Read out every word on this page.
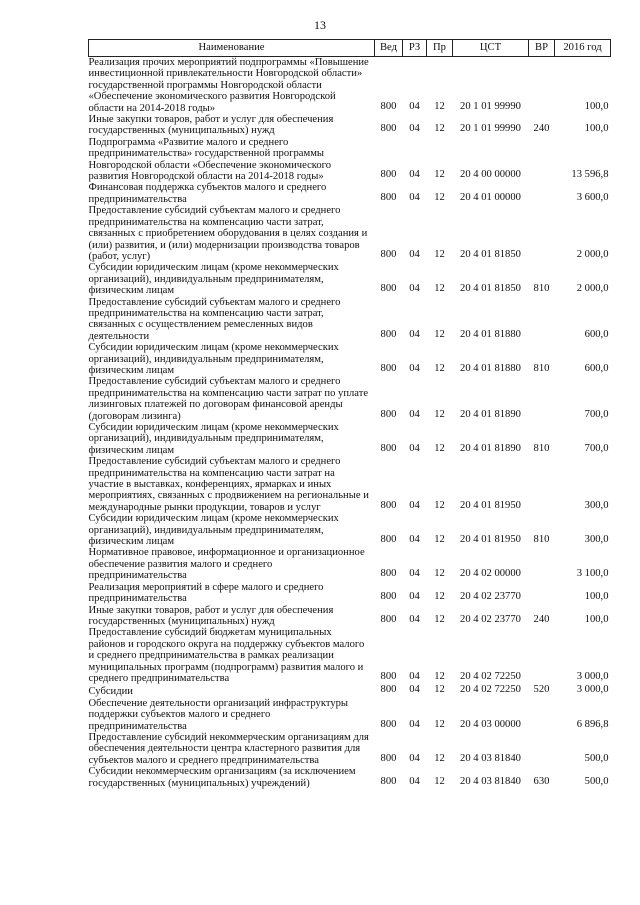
13
Наименование	Вед	РЗ	Пр	ЦСТ	ВР	2016 год
Реализация прочих мероприятий подпрограммы «Повышение инвестиционной привлекательности Новгородской области» государственной программы Новгородской области «Обеспечение экономического развития Новгородской области на 2014-2018 годы»	800	04	12	20 1 01 99990		100,0
Иные закупки товаров, работ и услуг для обеспечения государственных (муниципальных) нужд	800	04	12	20 1 01 99990	240	100,0
Подпрограмма «Развитие малого и среднего предпринимательства» государственной программы Новгородской области «Обеспечение экономического развития Новгородской области на 2014-2018 годы»	800	04	12	20 4 00 00000		13 596,8
Финансовая поддержка субъектов малого и среднего предпринимательства	800	04	12	20 4 01 00000		3 600,0
Предоставление субсидий субъектам малого и среднего предпринимательства на компенсацию части затрат, связанных с приобретением оборудования в целях создания и (или) развития, и (или) модернизации производства товаров (работ, услуг)	800	04	12	20 4 01 81850		2 000,0
Субсидии юридическим лицам (кроме некоммерческих организаций), индивидуальным предпринимателям, физическим лицам	800	04	12	20 4 01 81850	810	2 000,0
Предоставление субсидий субъектам малого и среднего предпринимательства на компенсацию части затрат, связанных с осуществлением ремесленных видов деятельности	800	04	12	20 4 01 81880		600,0
Субсидии юридическим лицам (кроме некоммерческих организаций), индивидуальным предпринимателям, физическим лицам	800	04	12	20 4 01 81880	810	600,0
Предоставление субсидий субъектам малого и среднего предпринимательства на компенсацию части затрат по уплате лизинговых платежей по договорам финансовой аренды (договорам лизинга)	800	04	12	20 4 01 81890		700,0
Субсидии юридическим лицам (кроме некоммерческих организаций), индивидуальным предпринимателям, физическим лицам	800	04	12	20 4 01 81890	810	700,0
Предоставление субсидий субъектам малого и среднего предпринимательства на компенсацию части затрат на участие в выставках, конференциях, ярмарках и иных мероприятиях, связанных с продвижением на региональные и международные рынки продукции, товаров и услуг	800	04	12	20 4 01 81950		300,0
Субсидии юридическим лицам (кроме некоммерческих организаций), индивидуальным предпринимателям, физическим лицам	800	04	12	20 4 01 81950	810	300,0
Нормативное правовое, информационное и организационное обеспечение развития малого и среднего предпринимательства	800	04	12	20 4 02 00000		3 100,0
Реализация мероприятий в сфере малого и среднего предпринимательства	800	04	12	20 4 02 23770		100,0
Иные закупки товаров, работ и услуг для обеспечения государственных (муниципальных) нужд	800	04	12	20 4 02 23770	240	100,0
Предоставление субсидий бюджетам муниципальных районов и городского округа на поддержку субъектов малого и среднего предпринимательства в рамках реализации муниципальных программ (подпрограмм) развития малого и среднего предпринимательства	800	04	12	20 4 02 72250		3 000,0
Субсидии	800	04	12	20 4 02 72250	520	3 000,0
Обеспечение деятельности организаций инфраструктуры поддержки субъектов малого и среднего предпринимательства	800	04	12	20 4 03 00000		6 896,8
Предоставление субсидий некоммерческим организациям для обеспечения деятельности центра кластерного развития для субъектов малого и среднего предпринимательства	800	04	12	20 4 03 81840		500,0
Субсидии некоммерческим организациям (за исключением государственных (муниципальных) учреждений)	800	04	12	20 4 03 81840	630	500,0
